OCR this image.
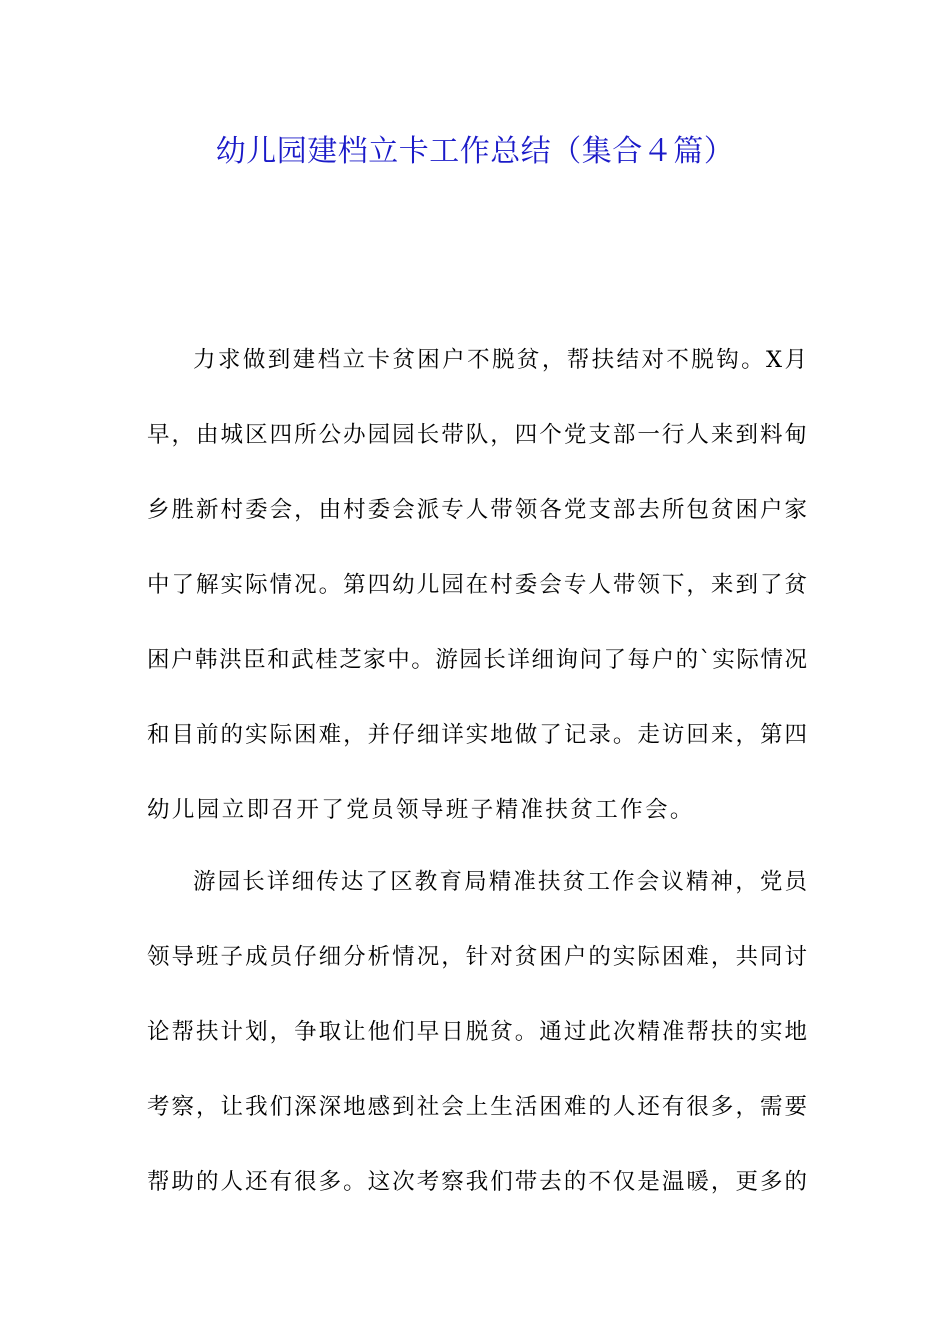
幼儿园建档立卡工作总结（集合４篇）
力求做到建档立卡贫困户不脱贫，帮扶结对不脱钩。X月
早，由城区四所公办园园长带队，四个党支部一行人来到料甸
乡胜新村委会，由村委会派专人带领各党支部去所包贫困户家
中了解实际情况。第四幼儿园在村委会专人带领下，来到了贫
困户韩洪臣和武桂芝家中。游园长详细询问了每户的`实际情况
和目前的实际困难，并仔细详实地做了记录。走访回来，第四
幼儿园立即召开了党员领导班子精准扶贫工作会。
游园长详细传达了区教育局精准扶贫工作会议精神，党员
领导班子成员仔细分析情况，针对贫困户的实际困难，共同讨
论帮扶计划，争取让他们早日脱贫。通过此次精准帮扶的实地
考察，让我们深深地感到社会上生活困难的人还有很多，需要
帮助的人还有很多。这次考察我们带去的不仅是温暖，更多的
